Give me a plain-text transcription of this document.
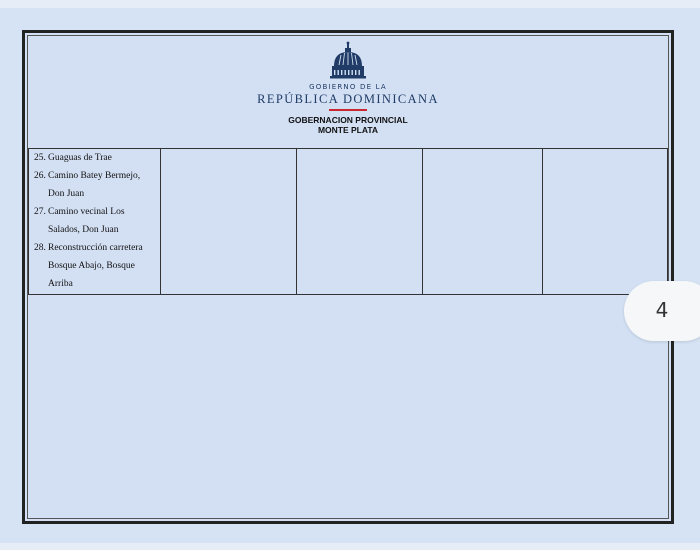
GOBIERNO DE LA
REPÚBLICA DOMINICANA
GOBERNACION PROVINCIAL
MONTE PLATA
25. Guaguas de Trae
26. Camino Batey Bermejo, Don Juan
27. Camino vecinal Los Salados, Don Juan
28. Reconstrucción carretera Bosque Abajo, Bosque Arriba

4
